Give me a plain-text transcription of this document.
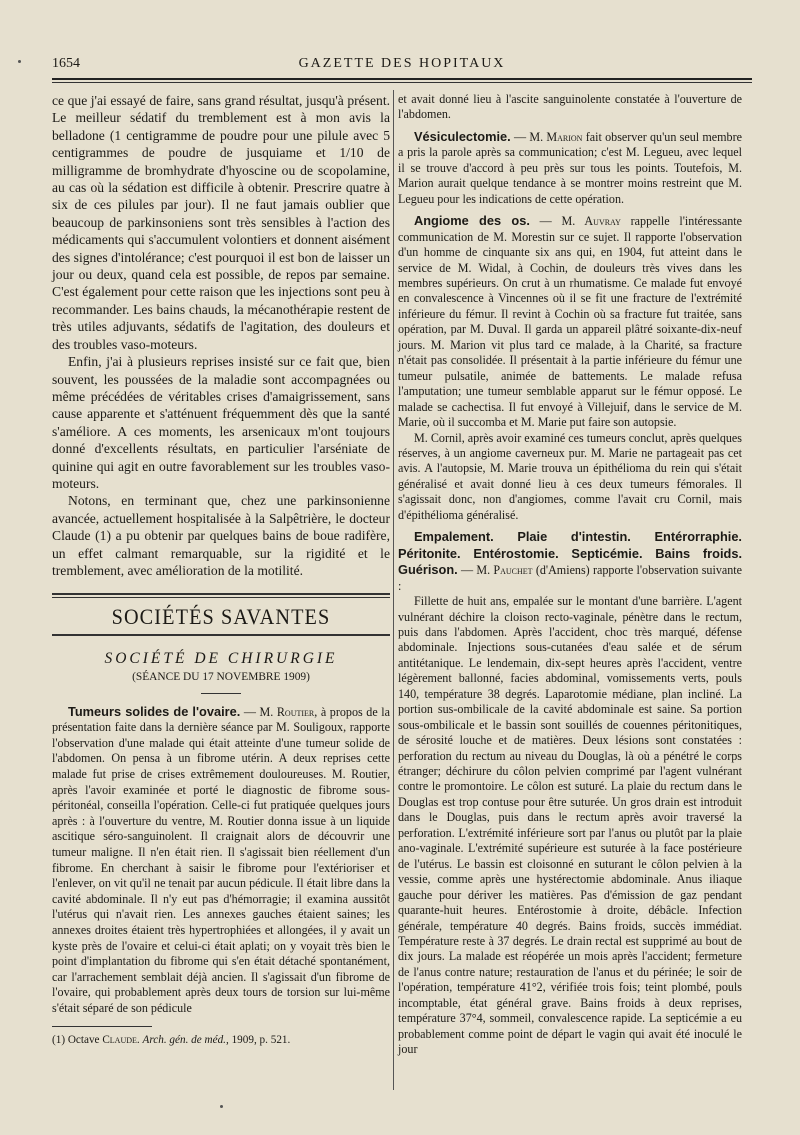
1654	GAZETTE DES HOPITAUX

ce que j'ai essayé de faire, sans grand résultat, jusqu'à présent. Le meilleur sédatif du tremblement est à mon avis la belladone (1 centigramme de poudre pour une pilule avec 5 centigrammes de poudre de jusquiame et 1/10 de milligramme de bromhydrate d'hyoscine ou de scopolamine, au cas où la sédation est difficile à obtenir. Prescrire quatre à six de ces pilules par jour). Il ne faut jamais oublier que beaucoup de parkinsoniens sont très sensibles à l'action des médicaments qui s'accumulent volontiers et donnent aisément des signes d'intolérance; c'est pourquoi il est bon de laisser un jour ou deux, quand cela est possible, de repos par semaine. C'est également pour cette raison que les injections sont peu à recommander. Les bains chauds, la mécanothérapie restent de très utiles adjuvants, sédatifs de l'agitation, des douleurs et des troubles vaso-moteurs.

Enfin, j'ai à plusieurs reprises insisté sur ce fait que, bien souvent, les poussées de la maladie sont accompagnées ou même précédées de véritables crises d'amaigrissement, sans cause apparente et s'atténuent fréquemment dès que la santé s'améliore. A ces moments, les arsenicaux m'ont toujours donné d'excellents résultats, en particulier l'arséniate de quinine qui agit en outre favorablement sur les troubles vaso-moteurs.

Notons, en terminant que, chez une parkinsonienne avancée, actuellement hospitalisée à la Salpêtrière, le docteur Claude (1) a pu obtenir par quelques bains de boue radifère, un effet calmant remarquable, sur la rigidité et le tremblement, avec amélioration de la motilité.

SOCIÉTÉS SAVANTES
SOCIÉTÉ DE CHIRURGIE
(SÉANCE DU 17 NOVEMBRE 1909)

Tumeurs solides de l'ovaire. — M. Routier, à propos de la présentation faite dans la dernière séance par M. Souligoux, rapporte l'observation d'une malade qui était atteinte d'une tumeur solide de l'abdomen. On pensa à un fibrome utérin. A deux reprises cette malade fut prise de crises extrêmement douloureuses. M. Routier, après l'avoir examinée et porté le diagnostic de fibrome sous-péritonéal, conseilla l'opération. Celle-ci fut pratiquée quelques jours après : à l'ouverture du ventre, M. Routier donna issue à un liquide ascitique séro-sanguinolent. Il craignait alors de découvrir une tumeur maligne. Il n'en était rien. Il s'agissait bien réellement d'un fibrome. En cherchant à saisir le fibrome pour l'extérioriser et l'enlever, on vit qu'il ne tenait par aucun pédicule. Il était libre dans la cavité abdominale. Il n'y eut pas d'hémorragie; il examina aussitôt l'utérus qui n'avait rien. Les annexes gauches étaient saines; les annexes droites étaient très hypertrophiées et allongées, il y avait un kyste près de l'ovaire et celui-ci était aplati; on y voyait très bien le point d'implantation du fibrome qui s'en était détaché spontanément, car l'arrachement semblait déjà ancien. Il s'agissait d'un fibrome de l'ovaire, qui probablement après deux tours de torsion sur lui-même s'était séparé de son pédicule

(1) Octave Claude. Arch. gén. de méd., 1909, p. 521.

et avait donné lieu à l'ascite sanguinolente constatée à l'ouverture de l'abdomen.

Vésiculectomie. — M. Marion fait observer qu'un seul membre a pris la parole après sa communication; c'est M. Legueu, avec lequel il se trouve d'accord à peu près sur tous les points. Toutefois, M. Marion aurait quelque tendance à se montrer moins restreint que M. Legueu pour les indications de cette opération.

Angiome des os. — M. Auvray rappelle l'intéressante communication de M. Morestin sur ce sujet. Il rapporte l'observation d'un homme de cinquante six ans qui, en 1904, fut atteint dans le service de M. Widal, à Cochin, de douleurs très vives dans les membres supérieurs. On crut à un rhumatisme. Ce malade fut envoyé en convalescence à Vincennes où il se fit une fracture de l'extrémité inférieure du fémur. Il revint à Cochin où sa fracture fut traitée, sans opération, par M. Duval. Il garda un appareil plâtré soixante-dix-neuf jours. M. Marion vit plus tard ce malade, à la Charité, sa fracture n'était pas consolidée. Il présentait à la partie inférieure du fémur une tumeur pulsatile, animée de battements. Le malade refusa l'amputation; une tumeur semblable apparut sur le fémur opposé. Le malade se cachectisa. Il fut envoyé à Villejuif, dans le service de M. Marie, où il succomba et M. Marie put faire son autopsie.

M. Cornil, après avoir examiné ces tumeurs conclut, après quelques réserves, à un angiome caverneux pur. M. Marie ne partageait pas cet avis. A l'autopsie, M. Marie trouva un épithélioma du rein qui s'était généralisé et avait donné lieu à ces deux tumeurs fémorales. Il s'agissait donc, non d'angiomes, comme l'avait cru Cornil, mais d'épithélioma généralisé.

Empalement. Plaie d'intestin. Entérorraphie. Péritonite. Entérostomie. Septicémie. Bains froids. Guérison. — M. Pauchet (d'Amiens) rapporte l'observation suivante :

Fillette de huit ans, empalée sur le montant d'une barrière. L'agent vulnérant déchire la cloison recto-vaginale, pénètre dans le rectum, puis dans l'abdomen. Après l'accident, choc très marqué, défense abdominale. Injections sous-cutanées d'eau salée et de sérum antitétanique. Le lendemain, dix-sept heures après l'accident, ventre légèrement ballonné, facies abdominal, vomissements verts, pouls 140, température 38 degrés. Laparotomie médiane, plan incliné. La portion sus-ombilicale de la cavité abdominale est saine. Sa portion sous-ombilicale et le bassin sont souillés de couennes péritonitiques, de sérosité louche et de matières. Deux lésions sont constatées : perforation du rectum au niveau du Douglas, là où a pénétré le corps étranger; déchirure du côlon pelvien comprimé par l'agent vulnérant contre le promontoire. Le côlon est suturé. La plaie du rectum dans le Douglas est trop contuse pour être suturée. Un gros drain est introduit dans le Douglas, puis dans le rectum après avoir traversé la perforation. L'extrémité inférieure sort par l'anus ou plutôt par la plaie ano-vaginale. L'extrémité supérieure est suturée à la face postérieure de l'utérus. Le bassin est cloisonné en suturant le côlon pelvien à la vessie, comme après une hystérectomie abdominale. Anus iliaque gauche pour dériver les matières. Pas d'émission de gaz pendant quarante-huit heures. Entérostomie à droite, débâcle. Infection générale, température 40 degrés. Bains froids, succès immédiat. Température reste à 37 degrés. Le drain rectal est supprimé au bout de dix jours. La malade est réopérée un mois après l'accident; fermeture de l'anus contre nature; restauration de l'anus et du périnée; le soir de l'opération, température 41°2, vérifiée trois fois; teint plombé, pouls incomptable, état général grave. Bains froids à deux reprises, température 37°4, sommeil, convalescence rapide. La septicémie a eu probablement comme point de départ le vagin qui avait été inoculé le jour
